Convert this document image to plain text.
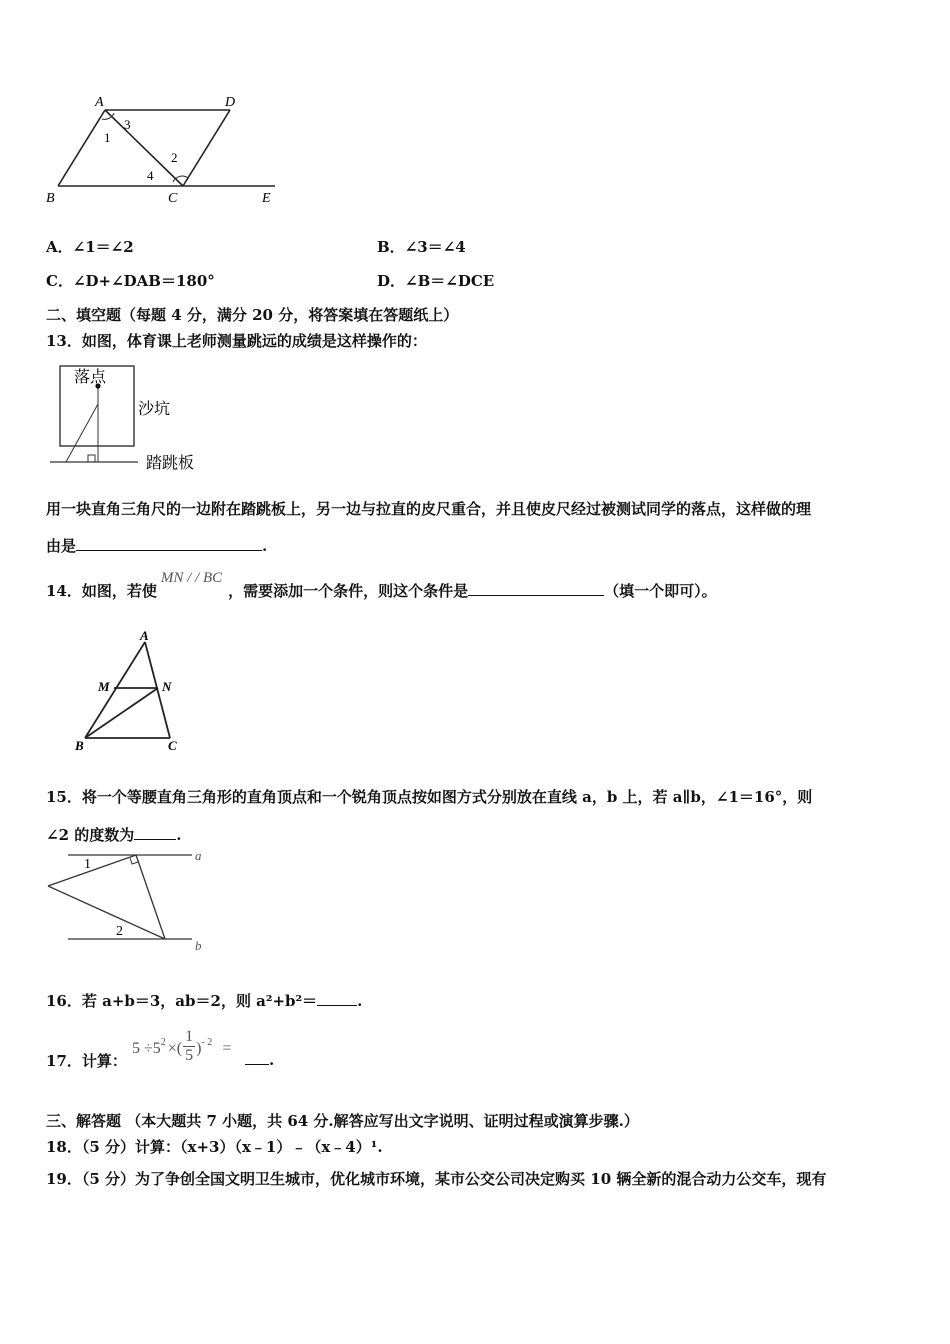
A	D
B	C	E
1
2
3
4
A．∠1＝∠2	B．∠3＝∠4
C．∠D+∠DAB＝180°	D．∠B＝∠DCE
二、填空题（每题 4 分，满分 20 分，将答案填在答题纸上）
13．如图，体育课上老师测量跳远的成绩是这样操作的：
落点
沙坑
踏跳板
用一块直角三角尺的一边附在踏跳板上，另一边与拉直的皮尺重合，并且使皮尺经过被测试同学的落点，这样做的理
由是	.
14．如图，若使MN / / BC，需要添加一个条件，则这个条件是	（填一个即可）。
A
M	N
B	C
15．将一个等腰直角三角形的直角顶点和一个锐角顶点按如图方式分别放在直线 a，b 上，若 a∥b，∠1＝16°，则
∠2 的度数为	.
a
b
1
2
16．若 a+b＝3，ab＝2，则 a²+b²＝	.
17．计算：
$5 \div 5_2$ ×( $\frac{1}{5} )_{- 2}$ =
.
三、解答题 （本大题共 7 小题，共 64 分.解答应写出文字说明、证明过程或演算步骤.）
18．（5 分）计算：（x+3）（x﹣1）﹣（x﹣4）¹.
19．（5 分）为了争创全国文明卫生城市，优化城市环境，某市公交公司决定购买 10 辆全新的混合动力公交车，现有
